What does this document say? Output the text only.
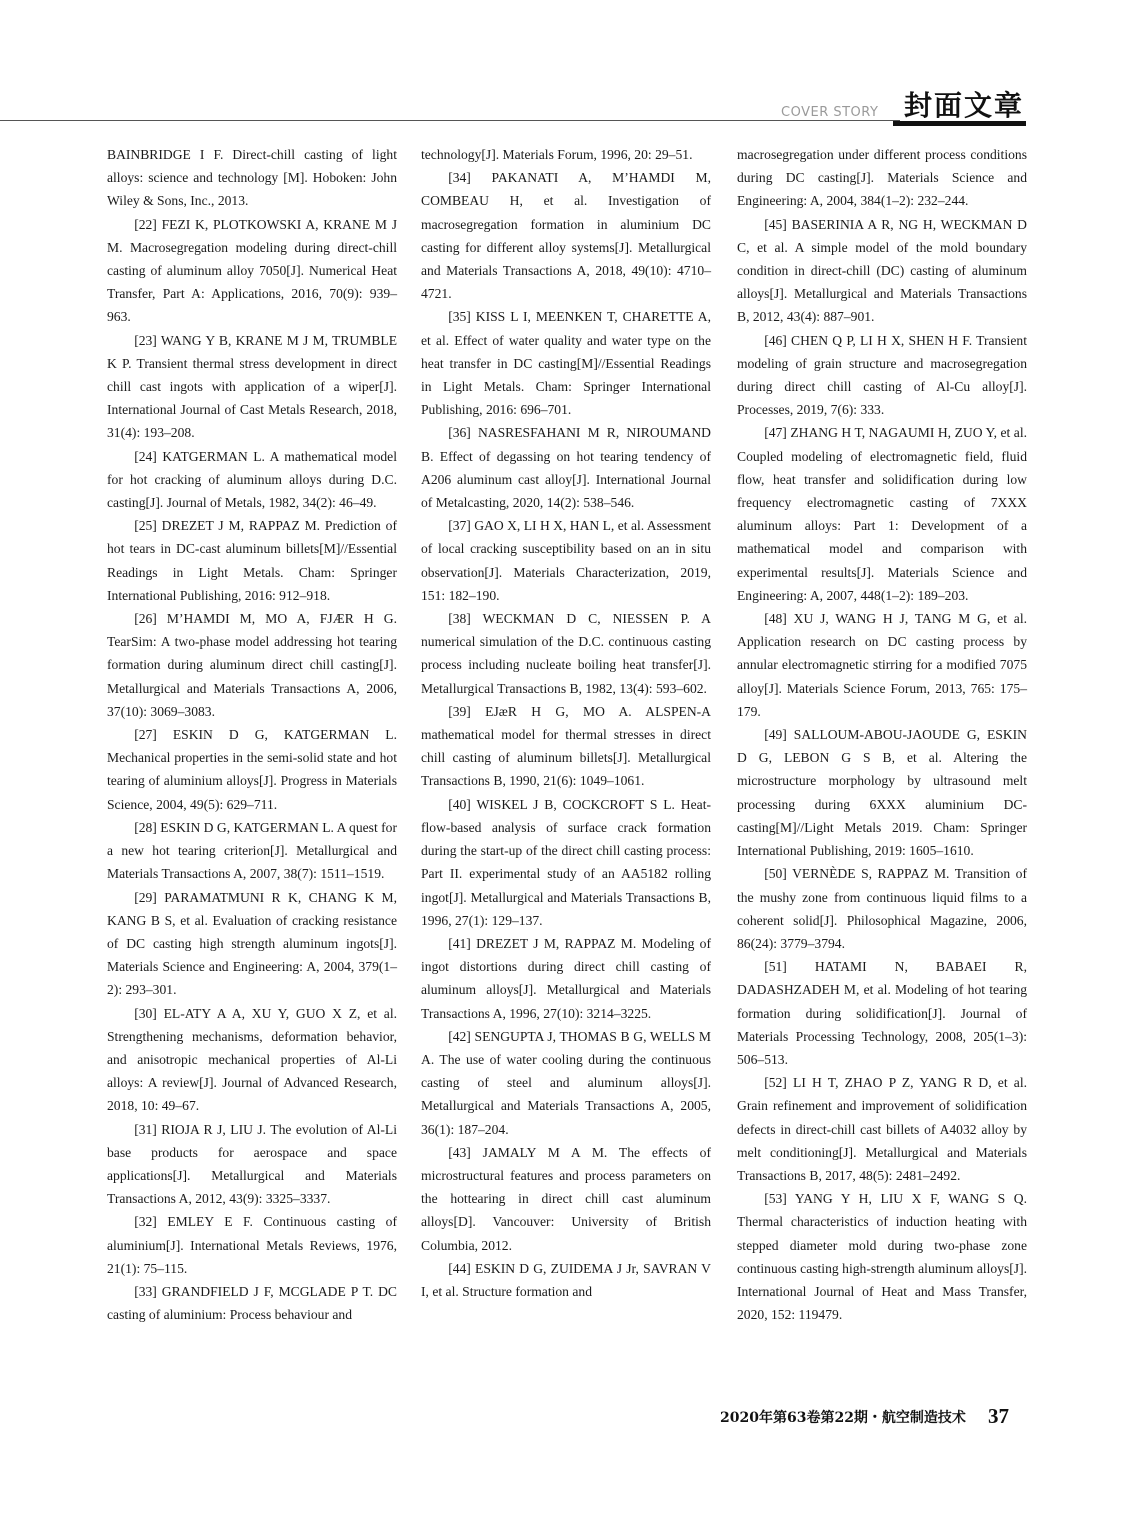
COVER STORY 封面文章

BAINBRIDGE I F. Direct-chill casting of light alloys: science and technology [M]. Hoboken: John Wiley & Sons, Inc., 2013.

[22] FEZI K, PLOTKOWSKI A, KRANE M J M. Macrosegregation modeling during direct-chill casting of aluminum alloy 7050[J]. Numerical Heat Transfer, Part A: Applications, 2016, 70(9): 939–963.

[23] WANG Y B, KRANE M J M, TRUMBLE K P. Transient thermal stress development in direct chill cast ingots with application of a wiper[J]. International Journal of Cast Metals Research, 2018, 31(4): 193–208.

[24] KATGERMAN L. A mathematical model for hot cracking of aluminum alloys during D.C. casting[J]. Journal of Metals, 1982, 34(2): 46–49.

[25] DREZET J M, RAPPAZ M. Prediction of hot tears in DC-cast aluminum billets[M]//Essential Readings in Light Metals. Cham: Springer International Publishing, 2016: 912–918.

[26] M’HAMDI M, MO A, FJÆR H G. TearSim: A two-phase model addressing hot tearing formation during aluminum direct chill casting[J]. Metallurgical and Materials Transactions A, 2006, 37(10): 3069–3083.

[27] ESKIN D G, KATGERMAN L. Mechanical properties in the semi-solid state and hot tearing of aluminium alloys[J]. Progress in Materials Science, 2004, 49(5): 629–711.

[28] ESKIN D G, KATGERMAN L. A quest for a new hot tearing criterion[J]. Metallurgical and Materials Transactions A, 2007, 38(7): 1511–1519.

[29] PARAMATMUNI R K, CHANG K M, KANG B S, et al. Evaluation of cracking resistance of DC casting high strength aluminum ingots[J]. Materials Science and Engineering: A, 2004, 379(1–2): 293–301.

[30] EL-ATY A A, XU Y, GUO X Z, et al. Strengthening mechanisms, deformation behavior, and anisotropic mechanical properties of Al-Li alloys: A review[J]. Journal of Advanced Research, 2018, 10: 49–67.

[31] RIOJA R J, LIU J. The evolution of Al-Li base products for aerospace and space applications[J]. Metallurgical and Materials Transactions A, 2012, 43(9): 3325–3337.

[32] EMLEY E F. Continuous casting of aluminium[J]. International Metals Reviews, 1976, 21(1): 75–115.

[33] GRANDFIELD J F, MCGLADE P T. DC casting of aluminium: Process behaviour and

technology[J]. Materials Forum, 1996, 20: 29–51.

[34] PAKANATI A, M’HAMDI M, COMBEAU H, et al. Investigation of macrosegregation formation in aluminium DC casting for different alloy systems[J]. Metallurgical and Materials Transactions A, 2018, 49(10): 4710–4721.

[35] KISS L I, MEENKEN T, CHARETTE A, et al. Effect of water quality and water type on the heat transfer in DC casting[M]//Essential Readings in Light Metals. Cham: Springer International Publishing, 2016: 696–701.

[36] NASRESFAHANI M R, NIROUMAND B. Effect of degassing on hot tearing tendency of A206 aluminum cast alloy[J]. International Journal of Metalcasting, 2020, 14(2): 538–546.

[37] GAO X, LI H X, HAN L, et al. Assessment of local cracking susceptibility based on an in situ observation[J]. Materials Characterization, 2019, 151: 182–190.

[38] WECKMAN D C, NIESSEN P. A numerical simulation of the D.C. continuous casting process including nucleate boiling heat transfer[J]. Metallurgical Transactions B, 1982, 13(4): 593–602.

[39] EJæR H G, MO A. ALSPEN-A mathematical model for thermal stresses in direct chill casting of aluminum billets[J]. Metallurgical Transactions B, 1990, 21(6): 1049–1061.

[40] WISKEL J B, COCKCROFT S L. Heat-flow-based analysis of surface crack formation during the start-up of the direct chill casting process: Part II. experimental study of an AA5182 rolling ingot[J]. Metallurgical and Materials Transactions B, 1996, 27(1): 129–137.

[41] DREZET J M, RAPPAZ M. Modeling of ingot distortions during direct chill casting of aluminum alloys[J]. Metallurgical and Materials Transactions A, 1996, 27(10): 3214–3225.

[42] SENGUPTA J, THOMAS B G, WELLS M A. The use of water cooling during the continuous casting of steel and aluminum alloys[J]. Metallurgical and Materials Transactions A, 2005, 36(1): 187–204.

[43] JAMALY M A M. The effects of microstructural features and process parameters on the hottearing in direct chill cast aluminum alloys[D]. Vancouver: University of British Columbia, 2012.

[44] ESKIN D G, ZUIDEMA J Jr, SAVRAN V I, et al. Structure formation and

macrosegregation under different process conditions during DC casting[J]. Materials Science and Engineering: A, 2004, 384(1–2): 232–244.

[45] BASERINIA A R, NG H, WECKMAN D C, et al. A simple model of the mold boundary condition in direct-chill (DC) casting of aluminum alloys[J]. Metallurgical and Materials Transactions B, 2012, 43(4): 887–901.

[46] CHEN Q P, LI H X, SHEN H F. Transient modeling of grain structure and macrosegregation during direct chill casting of Al-Cu alloy[J]. Processes, 2019, 7(6): 333.

[47] ZHANG H T, NAGAUMI H, ZUO Y, et al. Coupled modeling of electromagnetic field, fluid flow, heat transfer and solidification during low frequency electromagnetic casting of 7XXX aluminum alloys: Part 1: Development of a mathematical model and comparison with experimental results[J]. Materials Science and Engineering: A, 2007, 448(1–2): 189–203.

[48] XU J, WANG H J, TANG M G, et al. Application research on DC casting process by annular electromagnetic stirring for a modified 7075 alloy[J]. Materials Science Forum, 2013, 765: 175–179.

[49] SALLOUM-ABOU-JAOUDE G, ESKIN D G, LEBON G S B, et al. Altering the microstructure morphology by ultrasound melt processing during 6XXX aluminium DC-casting[M]//Light Metals 2019. Cham: Springer International Publishing, 2019: 1605–1610.

[50] VERNÈDE S, RAPPAZ M. Transition of the mushy zone from continuous liquid films to a coherent solid[J]. Philosophical Magazine, 2006, 86(24): 3779–3794.

[51] HATAMI N, BABAEI R, DADASHZADEH M, et al. Modeling of hot tearing formation during solidification[J]. Journal of Materials Processing Technology, 2008, 205(1–3): 506–513.

[52] LI H T, ZHAO P Z, YANG R D, et al. Grain refinement and improvement of solidification defects in direct-chill cast billets of A4032 alloy by melt conditioning[J]. Metallurgical and Materials Transactions B, 2017, 48(5): 2481–2492.

[53] YANG Y H, LIU X F, WANG S Q. Thermal characteristics of induction heating with stepped diameter mold during two-phase zone continuous casting high-strength aluminum alloys[J]. International Journal of Heat and Mass Transfer, 2020, 152: 119479.

2020年第63卷第22期・航空制造技术	37
